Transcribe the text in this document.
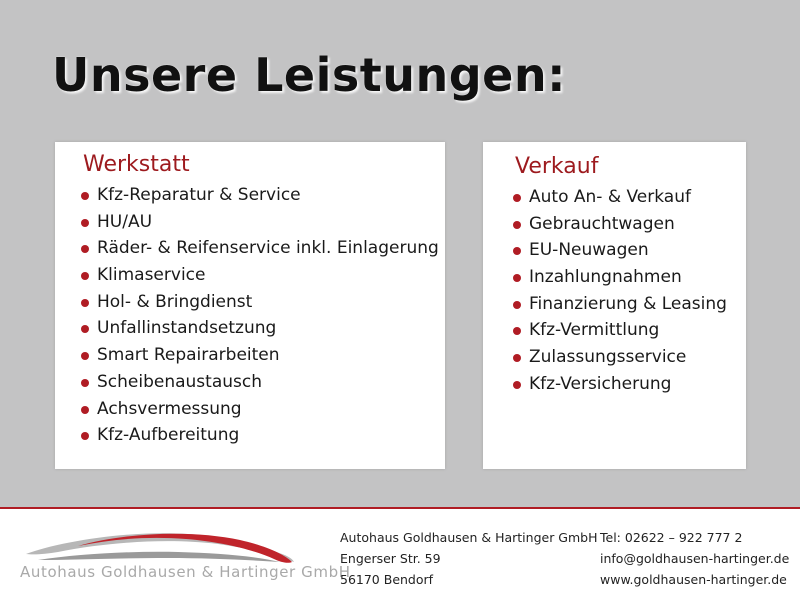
Unsere Leistungen:
Werkstatt
Kfz-Reparatur & Service
HU/AU
Räder- & Reifenservice inkl. Einlagerung
Klimaservice
Hol- & Bringdienst
Unfallinstandsetzung
Smart Repairarbeiten
Scheibenaustausch
Achsvermessung
Kfz-Aufbereitung
Verkauf
Auto An- & Verkauf
Gebrauchtwagen
EU-Neuwagen
Inzahlungnahmen
Finanzierung & Leasing
Kfz-Vermittlung
Zulassungsservice
Kfz-Versicherung
Autohaus Goldhausen & Hartinger GmbH
Autohaus Goldhausen & Hartinger GmbH
Engerser Str. 59
56170 Bendorf
Tel: 02622 – 922 777 2
info@goldhausen-hartinger.de
www.goldhausen-hartinger.de
